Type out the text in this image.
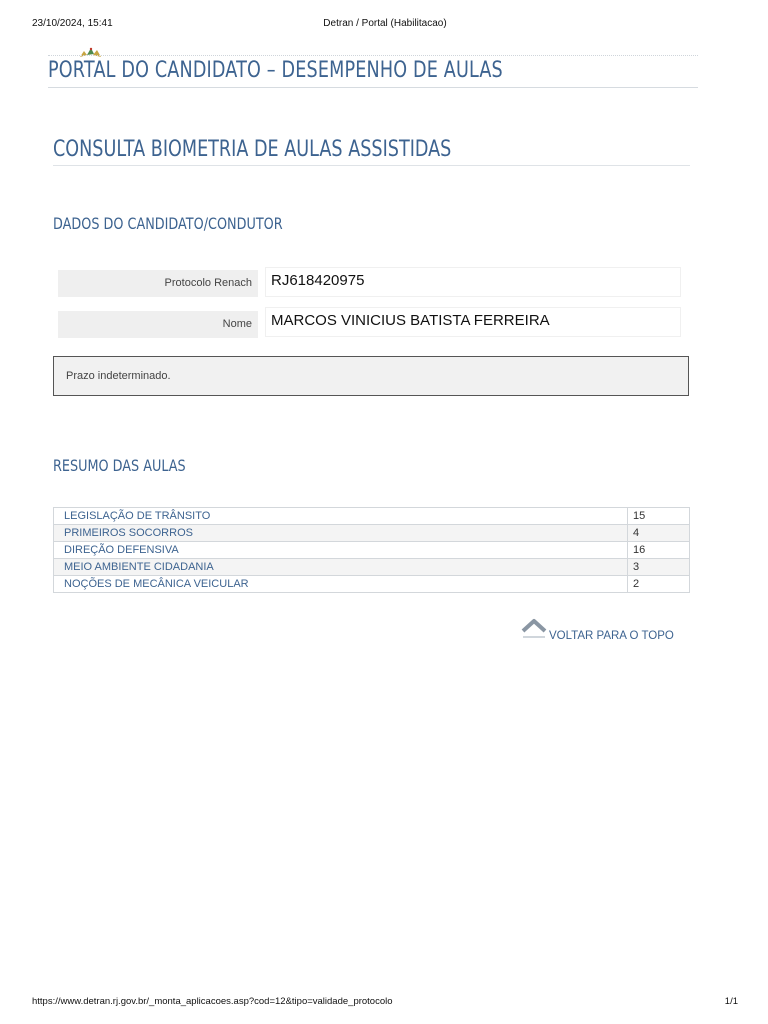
23/10/2024, 15:41	Detran / Portal (Habilitacao)
PORTAL DO CANDIDATO – DESEMPENHO DE AULAS
CONSULTA BIOMETRIA DE AULAS ASSISTIDAS
DADOS DO CANDIDATO/CONDUTOR
Protocolo Renach	RJ618420975
Nome	MARCOS VINICIUS BATISTA FERREIRA
Prazo indeterminado.
RESUMO DAS AULAS
LEGISLAÇÃO DE TRÂNSITO	15
PRIMEIROS SOCORROS	4
DIREÇÃO DEFENSIVA	16
MEIO AMBIENTE CIDADANIA	3
NOÇÕES DE MECÂNICA VEICULAR	2
VOLTAR PARA O TOPO
https://www.detran.rj.gov.br/_monta_aplicacoes.asp?cod=12&tipo=validade_protocolo	1/1
